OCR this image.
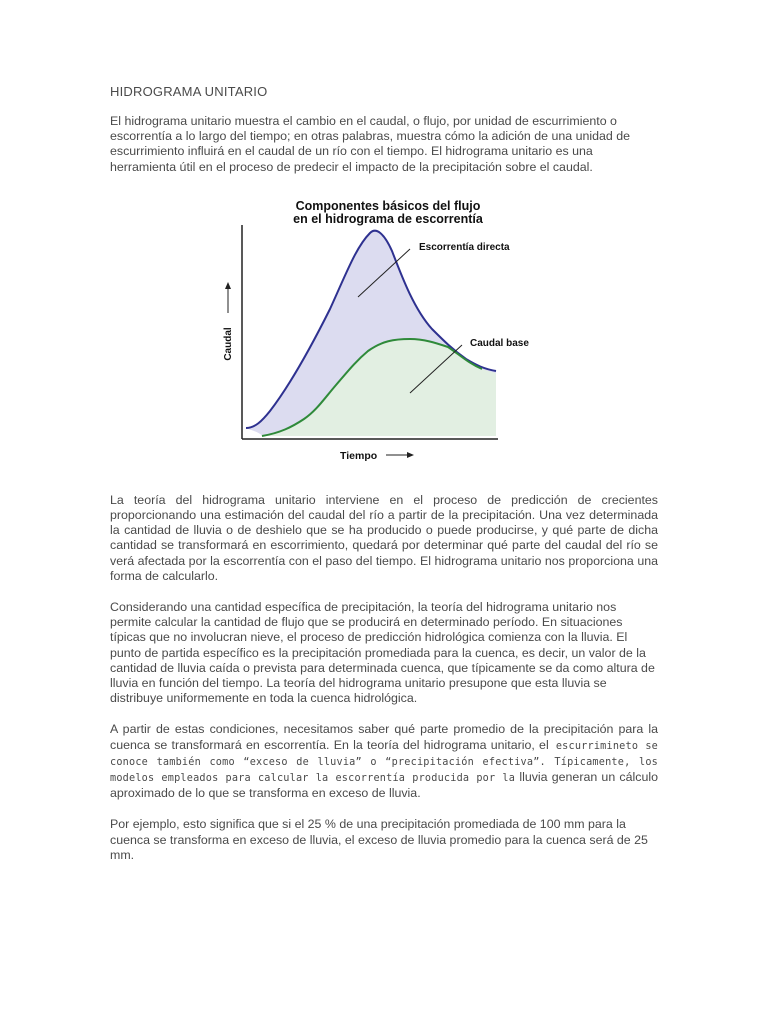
HIDROGRAMA UNITARIO

El hidrograma unitario muestra el cambio en el caudal, o flujo, por unidad de escurrimiento o escorrentía a lo largo del tiempo; en otras palabras, muestra cómo la adición de una unidad de escurrimiento influirá en el caudal de un río con el tiempo. El hidrograma unitario es una herramienta útil en el proceso de predecir el impacto de la precipitación sobre el caudal.

Componentes básicos del flujo
en el hidrograma de escorrentía
Escorrentía directa
Caudal base
Caudal
Tiempo

La teoría del hidrograma unitario interviene en el proceso de predicción de crecientes proporcionando una estimación del caudal del río a partir de la precipitación. Una vez determinada la cantidad de lluvia o de deshielo que se ha producido o puede producirse, y qué parte de dicha cantidad se transformará en escorrimiento, quedará por determinar qué parte del caudal del río se verá afectada por la escorrentía con el paso del tiempo. El hidrograma unitario nos proporciona una forma de calcularlo.

Considerando una cantidad específica de precipitación, la teoría del hidrograma unitario nos permite calcular la cantidad de flujo que se producirá en determinado período. En situaciones típicas que no involucran nieve, el proceso de predicción hidrológica comienza con la lluvia. El punto de partida específico es la precipitación promediada para la cuenca, es decir, un valor de la cantidad de lluvia caída o prevista para determinada cuenca, que típicamente se da como altura de lluvia en función del tiempo. La teoría del hidrograma unitario presupone que esta lluvia se distribuye uniformemente en toda la cuenca hidrológica.

A partir de estas condiciones, necesitamos saber qué parte promedio de la precipitación para la cuenca se transformará en escorrentía. En la teoría del hidrograma unitario, el escurrimineto se conoce también como “exceso de lluvia” o “precipitación efectiva”. Típicamente, los modelos empleados para calcular la escorrentía producida por la lluvia generan un cálculo aproximado de lo que se transforma en exceso de lluvia.

Por ejemplo, esto significa que si el 25 % de una precipitación promediada de 100 mm para la cuenca se transforma en exceso de lluvia, el exceso de lluvia promedio para la cuenca será de 25 mm.
